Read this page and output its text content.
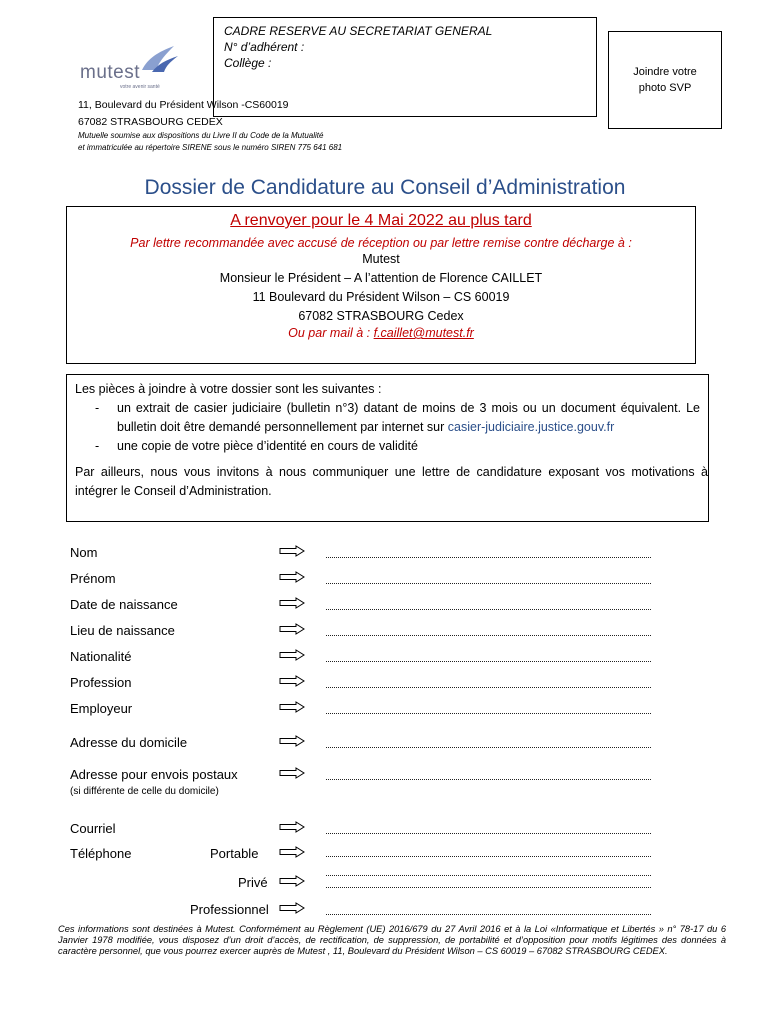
mutest
votre avenir santé
CADRE RESERVE AU SECRETARIAT GENERAL
N° d’adhérent :
Collège :
Joindre votre
photo SVP
11, Boulevard du Président Wilson -CS60019
67082 STRASBOURG CEDEX
Mutuelle soumise aux dispositions du Livre II du Code de la Mutualité
et immatriculée au répertoire SIRENE sous le numéro SIREN 775 641 681
Dossier de Candidature au Conseil d’Administration
A renvoyer pour le 4 Mai 2022 au plus tard
Par lettre recommandée avec accusé de réception ou par lettre remise contre décharge à :
Mutest
Monsieur le Président – A l’attention de Florence CAILLET
11 Boulevard du Président Wilson – CS 60019
67082 STRASBOURG Cedex
Ou par mail à : f.caillet@mutest.fr
Les pièces à joindre à votre dossier sont les suivantes :
-	un extrait de casier judiciaire (bulletin n°3) datant de moins de 3 mois ou un document équivalent. Le bulletin doit être demandé personnellement par internet sur casier-judiciaire.justice.gouv.fr
-	une copie de votre pièce d’identité en cours de validité
Par ailleurs, nous vous invitons à nous communiquer une lettre de candidature exposant vos motivations à intégrer le Conseil d’Administration.
Nom
Prénom
Date de naissance
Lieu de naissance
Nationalité
Profession
Employeur
Adresse du domicile
Adresse pour envois postaux
(si différente de celle du domicile)
Courriel
Téléphone	Portable
Privé
Professionnel
Ces informations sont destinées à Mutest. Conformément au Règlement (UE) 2016/679 du 27 Avril 2016 et à la Loi «Informatique et Libertés » n° 78-17 du 6 Janvier 1978 modifiée, vous disposez d’un droit d’accès, de rectification, de suppression, de portabilité et d’opposition pour motifs légitimes des données à caractère personnel, que vous pourrez exercer auprès de Mutest , 11, Boulevard du Président Wilson – CS 60019 – 67082 STRASBOURG CEDEX.
